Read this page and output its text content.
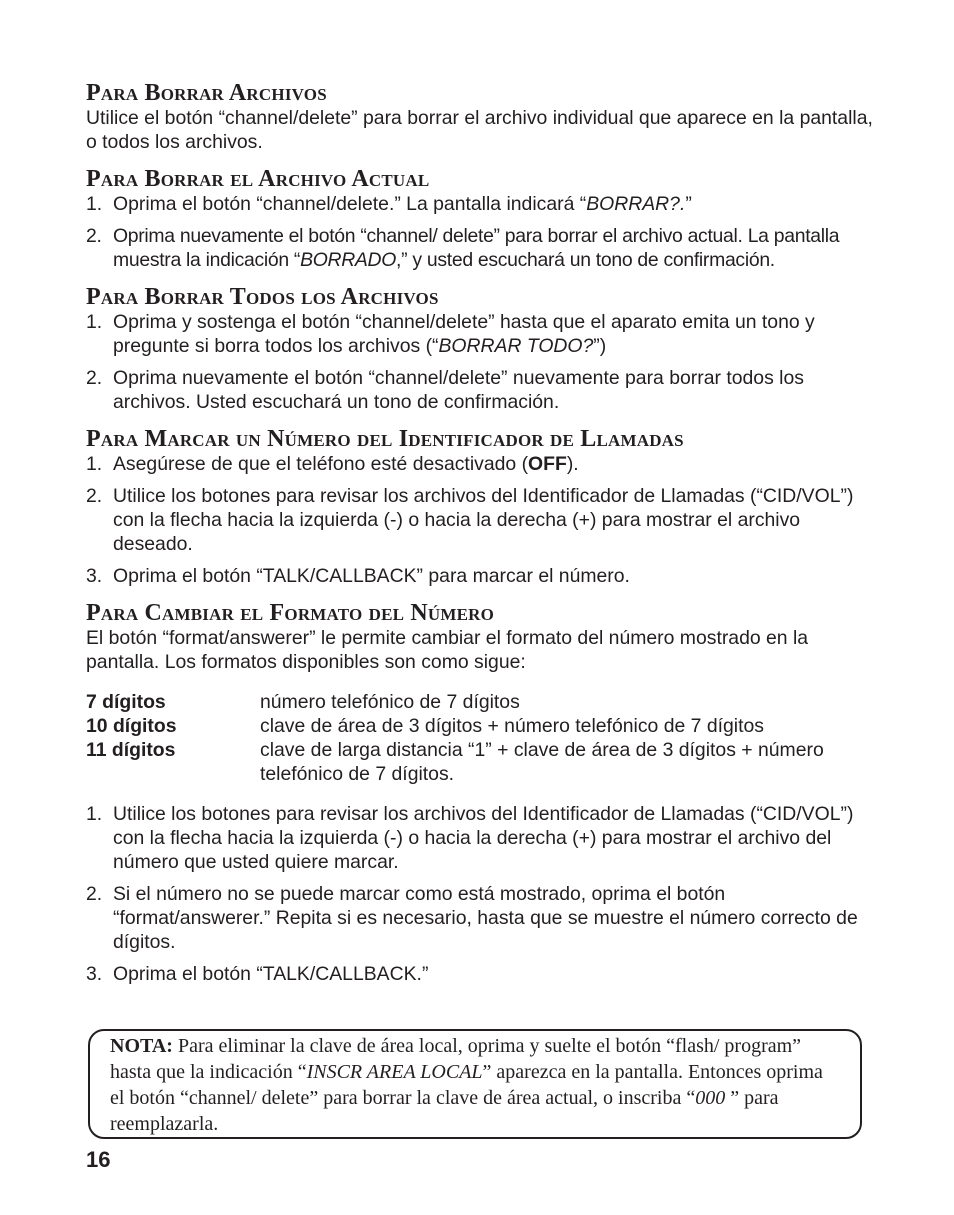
Para Borrar Archivos

Utilice el botón “channel/delete” para borrar el archivo individual que aparece en la pantalla, o todos los archivos.

Para Borrar el Archivo Actual
1. Oprima el botón “channel/delete.” La pantalla indicará “BORRAR?.”
2. Oprima nuevamente el botón “channel/ delete” para borrar el archivo actual. La pantalla muestra la indicación “BORRADO,” y usted escuchará un tono de confirmación.
Para Borrar Todos los Archivos
1. Oprima y sostenga el botón “channel/delete” hasta que el aparato emita un tono y pregunte si borra todos los archivos (“BORRAR TODO?”)
2. Oprima nuevamente el botón “channel/delete” nuevamente para borrar todos los archivos. Usted escuchará un tono de confirmación.
Para Marcar un Número del Identificador de Llamadas
1. Asegúrese de que el teléfono esté desactivado (OFF).
2. Utilice los botones para revisar los archivos del Identificador de Llamadas (“CID/VOL”) con la flecha hacia la izquierda (-) o hacia la derecha (+) para mostrar el archivo deseado.
3. Oprima el botón “TALK/CALLBACK” para marcar el número.
Para Cambiar el Formato del Número

El botón “format/answerer” le permite cambiar el formato del número mostrado en la pantalla. Los formatos disponibles son como sigue:

7 dígitos	número telefónico de 7 dígitos
10 dígitos	clave de área de 3 dígitos + número telefónico de 7 dígitos
11 dígitos	clave de larga distancia “1” + clave de área de 3 dígitos + número telefónico de 7 dígitos.
1. Utilice los botones para revisar los archivos del Identificador de Llamadas (“CID/VOL”) con la flecha hacia la izquierda (-) o hacia la derecha (+) para mostrar el archivo del número que usted quiere marcar.
2. Si el número no se puede marcar como está mostrado, oprima el botón “format/answerer.” Repita si es necesario, hasta que se muestre el número correcto de dígitos.
3. Oprima el botón “TALK/CALLBACK.”
NOTA: Para eliminar la clave de área local, oprima y suelte el botón “flash/ program” hasta que la indicación “INSCR AREA LOCAL” aparezca en la pantalla. Entonces oprima el botón “channel/ delete” para borrar la clave de área actual, o inscriba “000 ” para reemplazarla.
16
